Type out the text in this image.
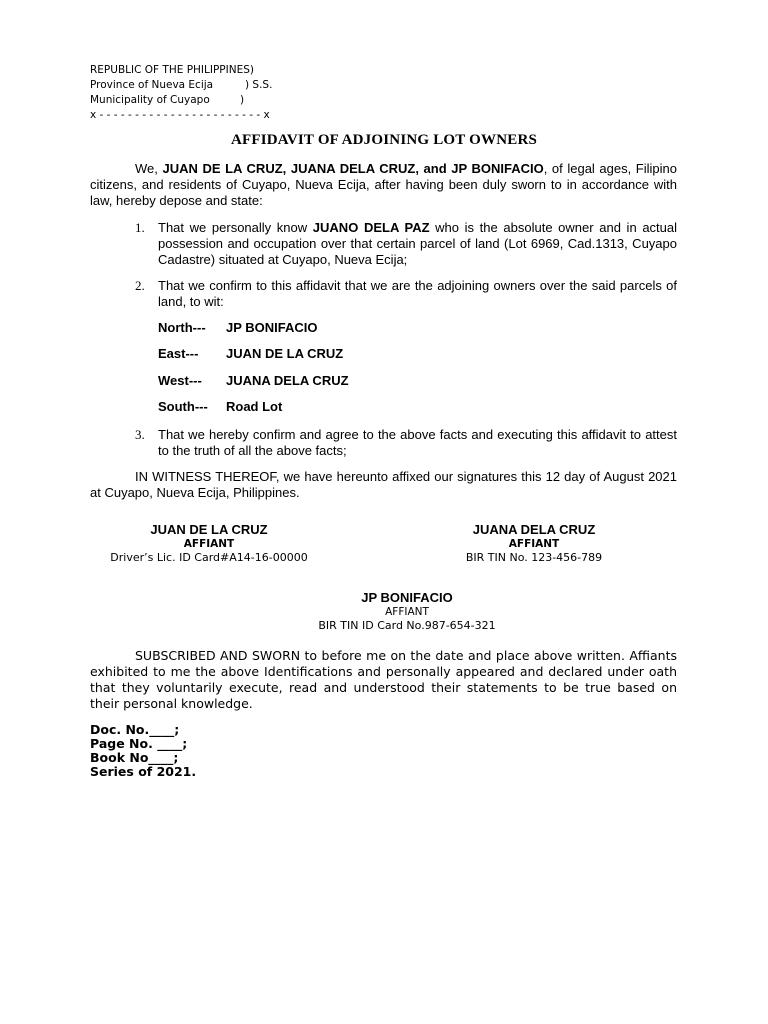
REPUBLIC OF THE PHILIPPINES)
Province of Nueva Ecija	) S.S.
Municipality of Cuyapo	)
x - - - - - - - - - - - - - - - - - - - - - - - x
AFFIDAVIT OF ADJOINING LOT OWNERS
We, JUAN DE LA CRUZ, JUANA DELA CRUZ, and JP BONIFACIO, of legal ages, Filipino citizens, and residents of Cuyapo, Nueva Ecija, after having been duly sworn to in accordance with law, hereby depose and state:
1. That we personally know JUANO DELA PAZ who is the absolute owner and in actual possession and occupation over that certain parcel of land (Lot 6969, Cad.1313, Cuyapo Cadastre) situated at Cuyapo, Nueva Ecija;
2. That we confirm to this affidavit that we are the adjoining owners over the said parcels of land, to wit:
North--- JP BONIFACIO
East--- JUAN DE LA CRUZ
West--- JUANA DELA CRUZ
South--- Road Lot
3. That we hereby confirm and agree to the above facts and executing this affidavit to attest to the truth of all the above facts;
IN WITNESS THEREOF, we have hereunto affixed our signatures this 12 day of August 2021 at Cuyapo, Nueva Ecija, Philippines.
JUAN DE LA CRUZ
AFFIANT
Driver’s Lic. ID Card#A14-16-00000
JUANA DELA CRUZ
AFFIANT
BIR TIN No. 123-456-789
JP BONIFACIO
AFFIANT
BIR TIN ID Card No.987-654-321
SUBSCRIBED AND SWORN to before me on the date and place above written. Affiants exhibited to me the above Identifications and personally appeared and declared under oath that they voluntarily execute, read and understood their statements to be true based on their personal knowledge.
Doc. No.____;
Page No. ____;
Book No____;
Series of 2021.
